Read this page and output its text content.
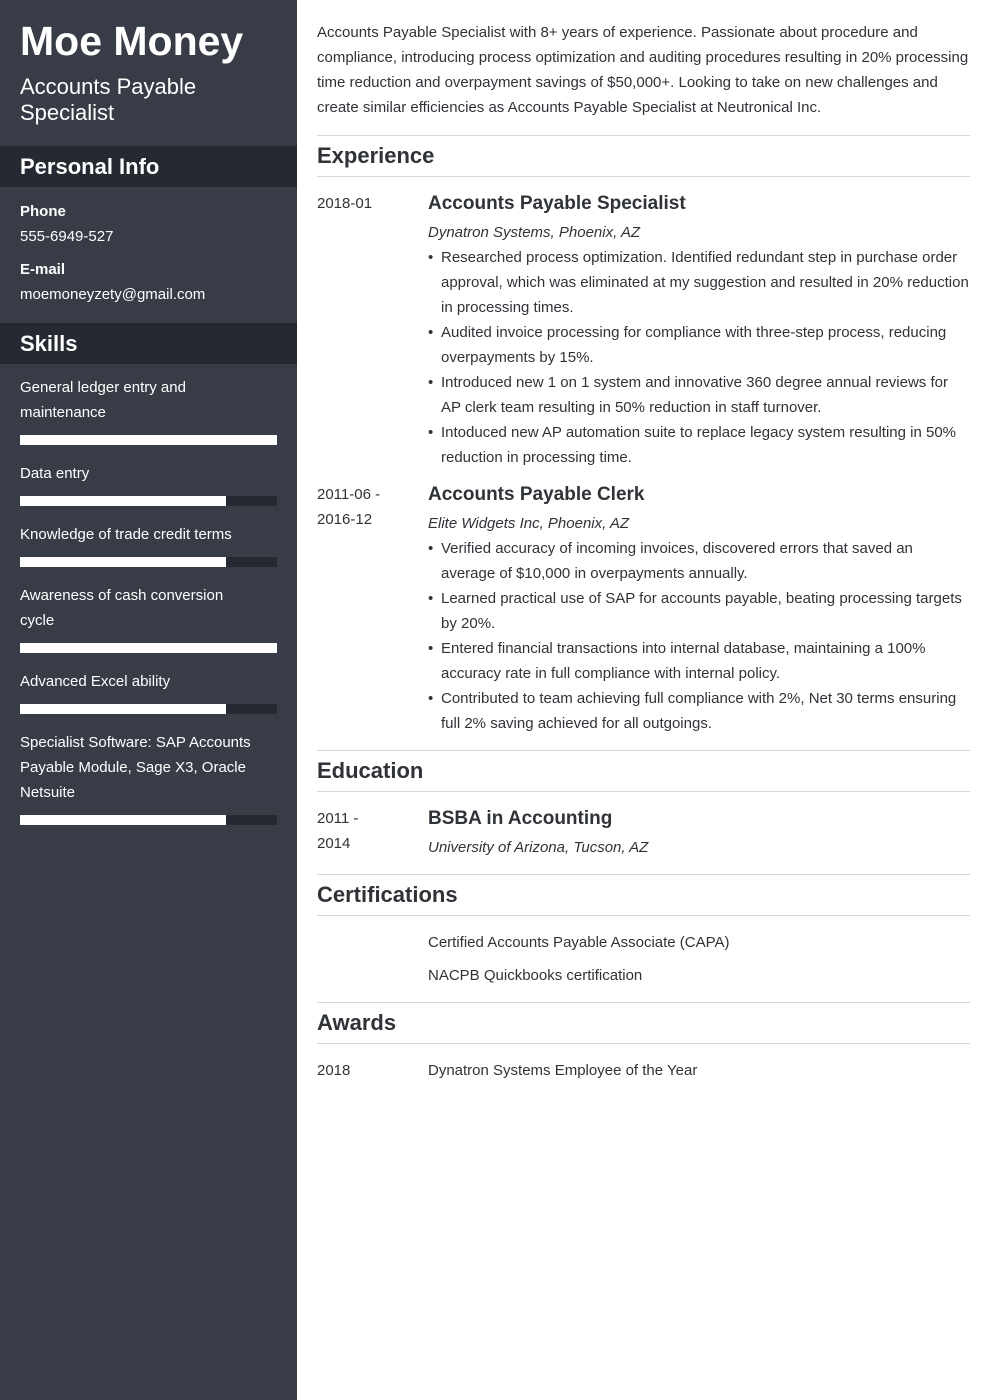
Moe Money
Accounts Payable Specialist
Personal Info
Phone
555-6949-527
E-mail
moemoneyzety@gmail.com
Skills
General ledger entry and maintenance
Data entry
Knowledge of trade credit terms
Awareness of cash conversion cycle
Advanced Excel ability
Specialist Software: SAP Accounts Payable Module, Sage X3, Oracle Netsuite

Accounts Payable Specialist with 8+ years of experience. Passionate about procedure and compliance, introducing process optimization and auditing procedures resulting in 20% processing time reduction and overpayment savings of $50,000+. Looking to take on new challenges and create similar efficiencies as Accounts Payable Specialist at Neutronical Inc.

Experience
2018-01	Accounts Payable Specialist
Dynatron Systems, Phoenix, AZ
• Researched process optimization. Identified redundant step in purchase order approval, which was eliminated at my suggestion and resulted in 20% reduction in processing times.
• Audited invoice processing for compliance with three-step process, reducing overpayments by 15%.
• Introduced new 1 on 1 system and innovative 360 degree annual reviews for AP clerk team resulting in 50% reduction in staff turnover.
• Intoduced new AP automation suite to replace legacy system resulting in 50% reduction in processing time.
2011-06 - 2016-12
Accounts Payable Clerk
Elite Widgets Inc, Phoenix, AZ
• Verified accuracy of incoming invoices, discovered errors that saved an average of $10,000 in overpayments annually.
• Learned practical use of SAP for accounts payable, beating processing targets by 20%.
• Entered financial transactions into internal database, maintaining a 100% accuracy rate in full compliance with internal policy.
• Contributed to team achieving full compliance with 2%, Net 30 terms ensuring full 2% saving achieved for all outgoings.
Education
2011 - 2014
BSBA in Accounting
University of Arizona, Tucson, AZ
Certifications
Certified Accounts Payable Associate (CAPA)
NACPB Quickbooks certification
Awards
2018	Dynatron Systems Employee of the Year
